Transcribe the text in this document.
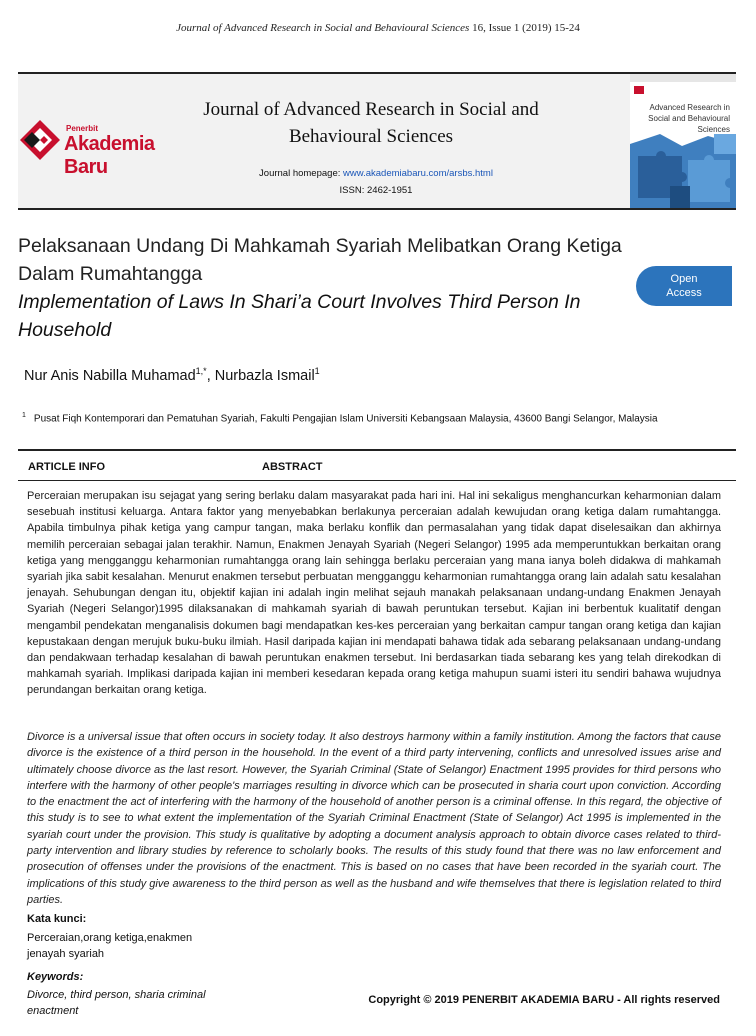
Journal of Advanced Research in Social and Behavioural Sciences 16, Issue 1 (2019) 15-24
Penerbit
Akademia Baru
Journal of Advanced Research in Social and Behavioural Sciences
Journal homepage: www.akademiabaru.com/arsbs.html
ISSN: 2462-1951
Advanced Research in Social and Behavioural Sciences
Pelaksanaan Undang Di Mahkamah Syariah Melibatkan Orang Ketiga Dalam Rumahtangga
Implementation of Laws In Shari’a Court Involves Third Person In Household
Open
Access
Nur Anis Nabilla Muhamad$^{1,*}$, Nurbazla Ismail$^1$
$^1$ Pusat Fiqh Kontemporari dan Pematuhan Syariah, Fakulti Pengajian Islam Universiti Kebangsaan Malaysia, 43600 Bangi Selangor, Malaysia
ARTICLE INFO	ABSTRACT
Perceraian merupakan isu sejagat yang sering berlaku dalam masyarakat pada hari ini. Hal ini sekaligus menghancurkan keharmonian dalam sesebuah institusi keluarga. Antara faktor yang menyebabkan berlakunya perceraian adalah kewujudan orang ketiga dalam rumahtangga. Apabila timbulnya pihak ketiga yang campur tangan, maka berlaku konflik dan permasalahan yang tidak dapat diselesaikan dan akhirnya memilih perceraian sebagai jalan terakhir. Namun, Enakmen Jenayah Syariah (Negeri Selangor) 1995 ada memperuntukkan berkaitan orang ketiga yang mengganggu keharmonian rumahtangga orang lain sehingga berlaku perceraian yang mana ianya boleh didakwa di mahkamah syariah jika sabit kesalahan. Menurut enakmen tersebut perbuatan mengganggu keharmonian rumahtangga orang lain adalah satu kesalahan jenayah. Sehubungan dengan itu, objektif kajian ini adalah ingin melihat sejauh manakah pelaksanaan undang-undang Enakmen Jenayah Syariah (Negeri Selangor)1995 dilaksanakan di mahkamah syariah di bawah peruntukan tersebut. Kajian ini berbentuk kualitatif dengan mengambil pendekatan menganalisis dokumen bagi mendapatkan kes-kes perceraian yang berkaitan campur tangan orang ketiga dan kajian kepustakaan dengan merujuk buku-buku ilmiah. Hasil daripada kajian ini mendapati bahawa tidak ada sebarang pelaksanaan undang-undang dan pendakwaan terhadap kesalahan di bawah peruntukan enakmen tersebut. Ini berdasarkan tiada sebarang kes yang telah direkodkan di mahkamah syariah. Implikasi daripada kajian ini memberi kesedaran kepada orang ketiga mahupun suami isteri itu sendiri bahawa wujudnya perundangan berkaitan orang ketiga.
Divorce is a universal issue that often occurs in society today. It also destroys harmony within a family institution. Among the factors that cause divorce is the existence of a third person in the household. In the event of a third party intervening, conflicts and unresolved issues arise and ultimately choose divorce as the last resort. However, the Syariah Criminal (State of Selangor) Enactment 1995 provides for third persons who interfere with the harmony of other people's marriages resulting in divorce which can be prosecuted in sharia court upon conviction. According to the enactment the act of interfering with the harmony of the household of another person is a criminal offense. In this regard, the objective of this study is to see to what extent the implementation of the Syariah Criminal Enactment (State of Selangor) Act 1995 is implemented in the syariah court under the provision. This study is qualitative by adopting a document analysis approach to obtain divorce cases related to third-party intervention and library studies by reference to scholarly books. The results of this study found that there was no law enforcement and prosecution of offenses under the provisions of the enactment. This is based on no cases that have been recorded in the syariah court. The implications of this study give awareness to the third person as well as the husband and wife themselves that there is legislation related to third parties.
Kata kunci:
Perceraian,orang ketiga,enakmen
jenayah syariah
Keywords:
Divorce, third person, sharia criminal
enactment
Copyright © 2019 PENERBIT AKADEMIA BARU - All rights reserved
